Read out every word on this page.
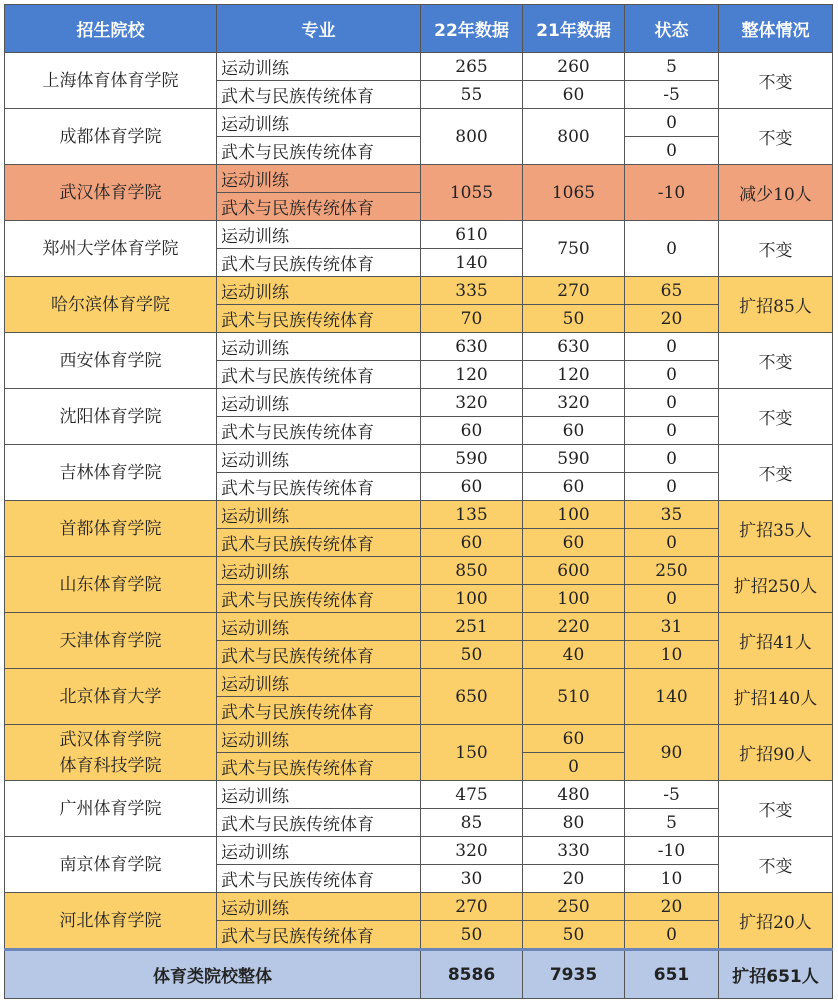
招生院校	专业	22年数据	21年数据	状态	整体情况

上海体育体育学院	运动训练	265	260	5	不变
	武术与民族传统体育	55	60	-5	

成都体育学院	运动训练	800	800	0	不变
	武术与民族传统体育			0	

武汉体育学院	运动训练	1055	1065	-10	减少10人
	武术与民族传统体育				

郑州大学体育学院	运动训练	610	750	0	不变
	武术与民族传统体育	140			

哈尔滨体育学院	运动训练	335	270	65	扩招85人
	武术与民族传统体育	70	50	20	

西安体育学院	运动训练	630	630	0	不变
	武术与民族传统体育	120	120	0	

沈阳体育学院	运动训练	320	320	0	不变
	武术与民族传统体育	60	60	0	

吉林体育学院	运动训练	590	590	0	不变
	武术与民族传统体育	60	60	0	

首都体育学院	运动训练	135	100	35	扩招35人
	武术与民族传统体育	60	60	0	

山东体育学院	运动训练	850	600	250	扩招250人
	武术与民族传统体育	100	100	0	

天津体育学院	运动训练	251	220	31	扩招41人
	武术与民族传统体育	50	40	10	

北京体育大学	运动训练	650	510	140	扩招140人
	武术与民族传统体育				

武汉体育学院
体育科技学院	运动训练	150	60	90	扩招90人
	武术与民族传统体育		0		

广州体育学院	运动训练	475	480	-5	不变
	武术与民族传统体育	85	80	5	

南京体育学院	运动训练	320	330	-10	不变
	武术与民族传统体育	30	20	10	

河北体育学院	运动训练	270	250	20	扩招20人
	武术与民族传统体育	50	50	0	
体育类院校整体		8586	7935	651	扩招651人
